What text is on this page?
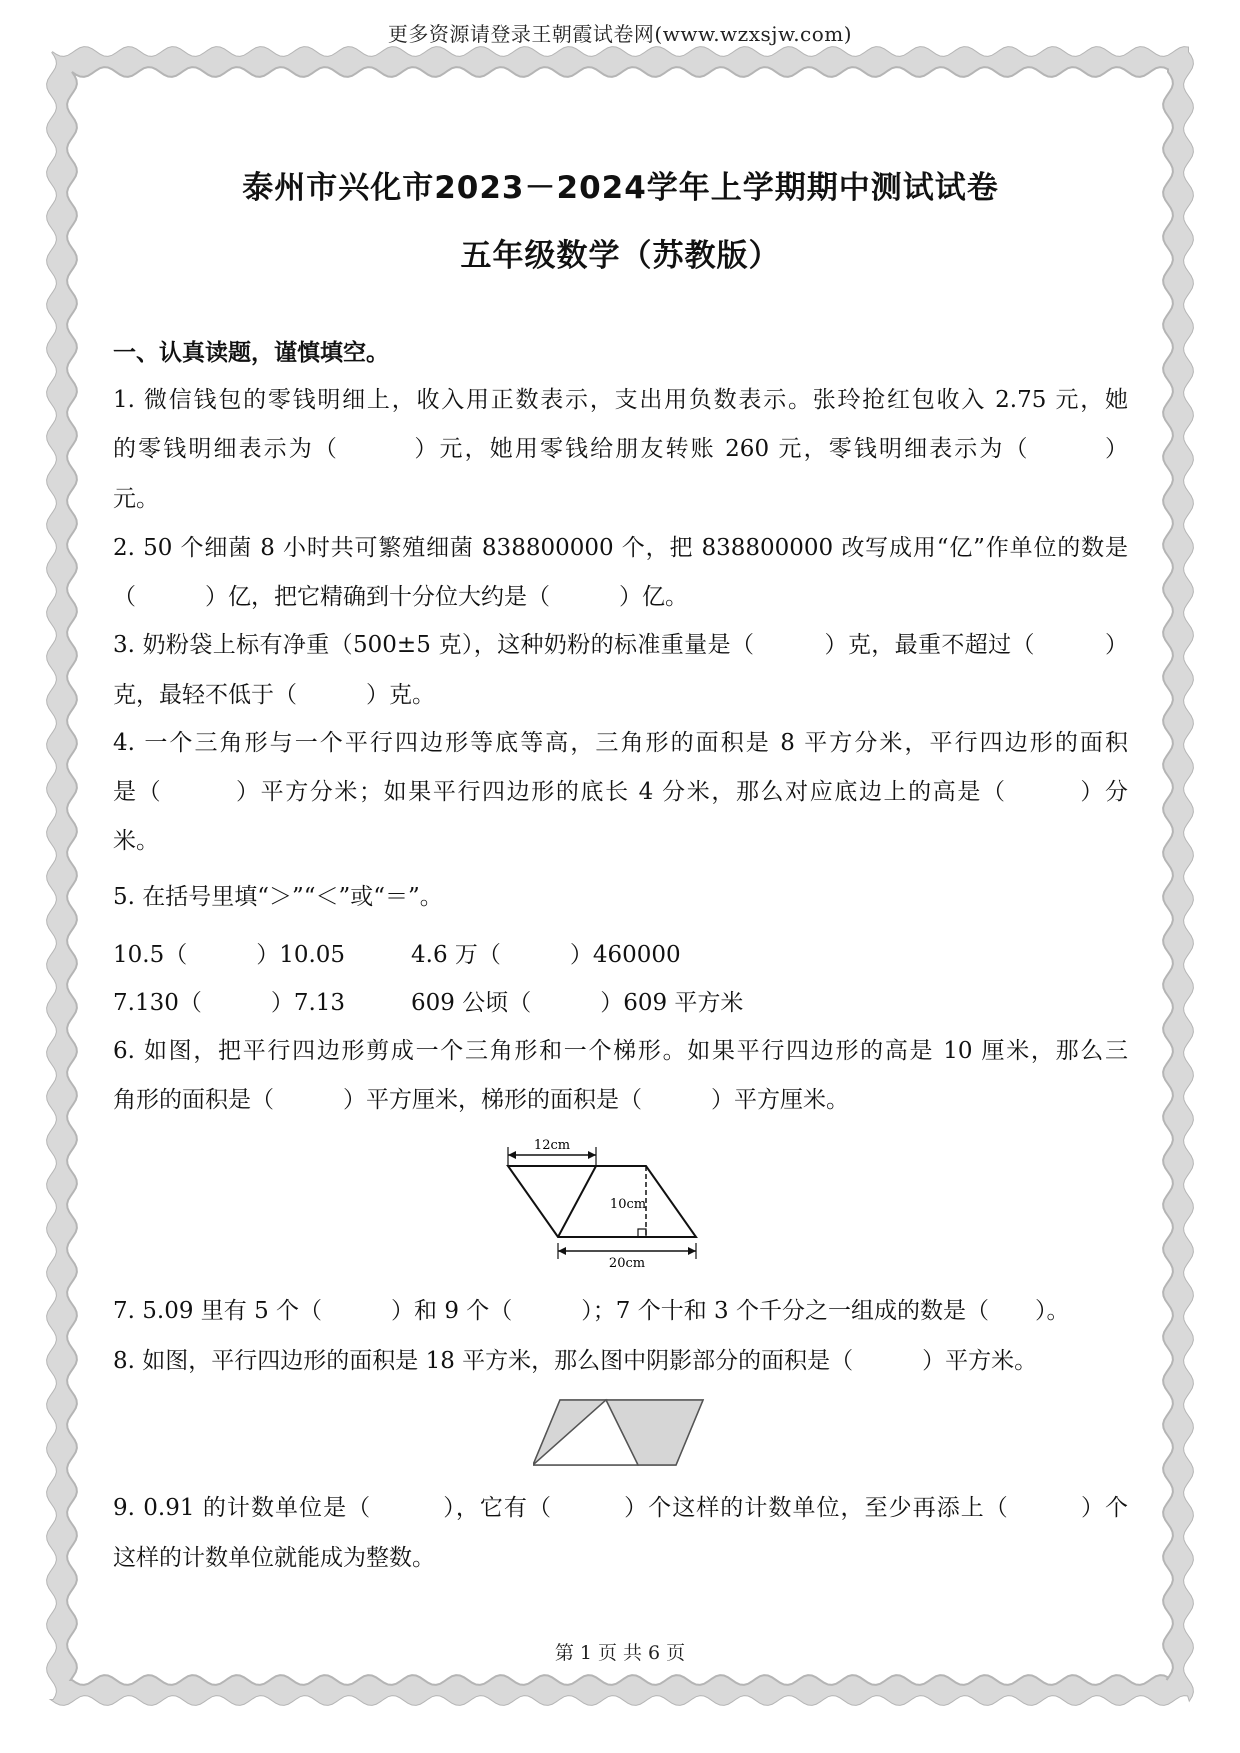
更多资源请登录王朝霞试卷网(www.wzxsjw.com)
泰州市兴化市2023－2024学年上学期期中测试试卷
五年级数学（苏教版）
一、认真读题，谨慎填空。
1. 微信钱包的零钱明细上，收入用正数表示，支出用负数表示。张玲抢红包收入 2.75 元，她
的零钱明细表示为（　　　）元，她用零钱给朋友转账 260 元，零钱明细表示为（　　　）
元。
2. 50 个细菌 8 小时共可繁殖细菌 838800000 个，把 838800000 改写成用“亿”作单位的数是
（　　　）亿，把它精确到十分位大约是（　　　）亿。
3. 奶粉袋上标有净重（500±5 克），这种奶粉的标准重量是（　　　）克，最重不超过（　　　）
克，最轻不低于（　　　）克。
4. 一个三角形与一个平行四边形等底等高，三角形的面积是 8 平方分米，平行四边形的面积
是（　　　）平方分米；如果平行四边形的底长 4 分米，那么对应底边上的高是（　　　）分
米。
5. 在括号里填“＞”“＜”或“＝”。
10.5（　　　）10.05	4.6 万（　　　）460000
7.130（　　　）7.13	609 公顷（　　　）609 平方米
6. 如图，把平行四边形剪成一个三角形和一个梯形。如果平行四边形的高是 10 厘米，那么三
角形的面积是（　　　）平方厘米，梯形的面积是（　　　）平方厘米。
12cm
10cm
20cm
7. 5.09 里有 5 个（　　　）和 9 个（　　　）；7 个十和 3 个千分之一组成的数是（　　）。
8. 如图，平行四边形的面积是 18 平方米，那么图中阴影部分的面积是（　　　）平方米。
9. 0.91 的计数单位是（　　　），它有（　　　）个这样的计数单位，至少再添上（　　　）个
这样的计数单位就能成为整数。
第 1 页 共 6 页
